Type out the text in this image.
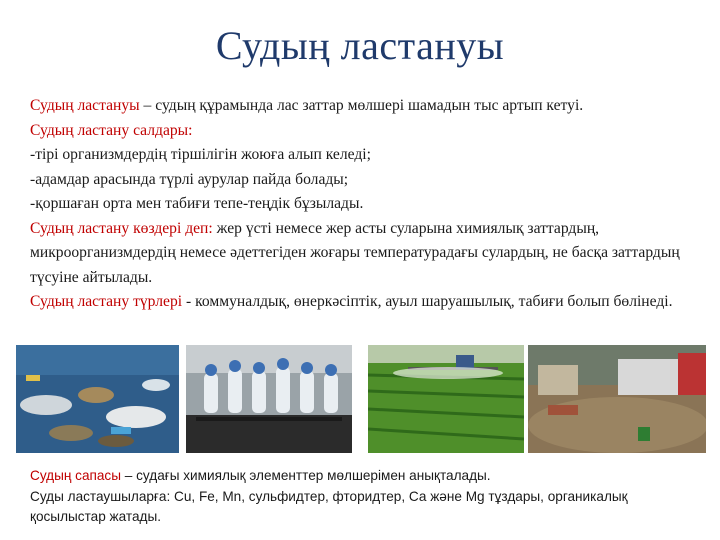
Судың ластануы

Судың ластануы – судың құрамында лас заттар мөлшері шамадын тыс артып кетуі.

Судың ластану салдары:

-тірі организмдердің тіршілігін жоюға алып келеді;

-адамдар арасында түрлі аурулар пайда болады;

-қоршаған орта мен табиғи тепе-теңдік бұзылады.

Судың ластану көздері деп: жер үсті немесе жер асты суларына химиялық заттардың, микроорганизмдердің немесе әдеттегіден жоғары температурадағы сулардың, не басқа заттардың түсуіне айтылады.

Судың ластану түрлері - коммуналдық, өнеркәсіптік, ауыл шаруашылық, табиғи болып бөлінеді.

Судың сапасы – судағы химиялық элементтер мөлшерімен анықталады.

Суды ластаушыларға: Cu, Fe, Mn, сульфидтер, фторидтер, Са және Mg тұздары, органикалық қосылыстар жатады.
